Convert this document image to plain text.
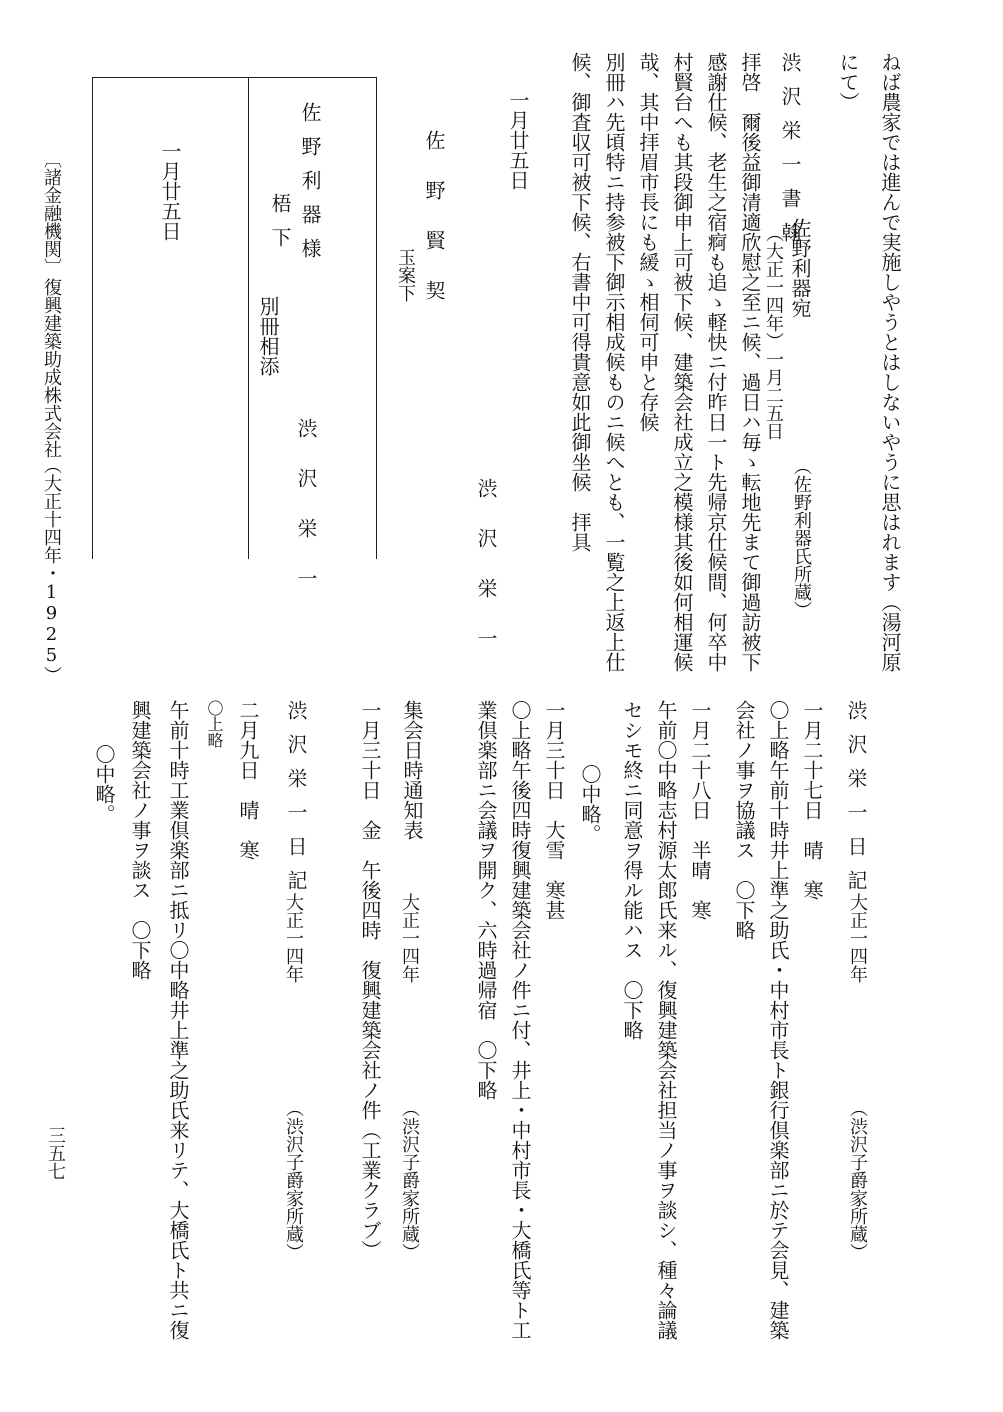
ねば農家では進んで実施しやうとはしないやうに思はれます（湯河原

にて）

渋沢栄一書翰

佐野利器宛

（佐野利器氏所蔵）

（大正一四年）一月二五日

拝啓　爾後益御清適欣慰之至ニ候、過日ハ毎ゝ転地先まて御過訪被下

感謝仕候、老生之宿痾も追ゝ軽快ニ付昨日一ト先帰京仕候間、何卒中

村賢台へも其段御申上可被下候、建築会社成立之模様其後如何相運候

哉、其中拝眉市長にも緩ゝ相伺可申と存候

別冊ハ先頃特ニ持参被下御示相成候ものニ候へとも、一覧之上返上仕

候、御査収可被下候、右書中可得貴意如此御坐候　拝具

一月廿五日

渋沢栄一

佐野賢契

玉案下

佐野利器様

梧下

別冊相添

渋沢栄一

一月廿五日

〔諸金融機関〕

復興建築助成株式会社

（大正十四年・1925）

渋沢栄一日記

大正一四年

（渋沢子爵家所蔵）

一月二十七日　晴　寒

〇上略午前十時井上準之助氏・中村市長ト銀行倶楽部ニ於テ会見、建築

会社ノ事ヲ協議ス　〇下略

一月二十八日　半晴　寒

午前〇中略志村源太郎氏来ル、復興建築会社担当ノ事ヲ談シ、種々論議

セシモ終ニ同意ヲ得ル能ハス　〇下略

〇中略。

一月三十日　大雪　寒甚

〇上略午後四時復興建築会社ノ件ニ付、井上・中村市長・大橋氏等ト工

業倶楽部ニ会議ヲ開ク、六時過帰宿　〇下略

集会日時通知表

大正一四年

（渋沢子爵家所蔵）

一月三十日　金　午後四時　復興建築会社ノ件（工業クラブ）

渋沢栄一日記

大正一四年

（渋沢子爵家所蔵）

二月九日　晴　寒

〇上略

午前十時工業倶楽部ニ抵リ〇中略井上準之助氏来リテ、大橋氏ト共ニ復

興建築会社ノ事ヲ談ス　〇下略

〇中略。

三五七
